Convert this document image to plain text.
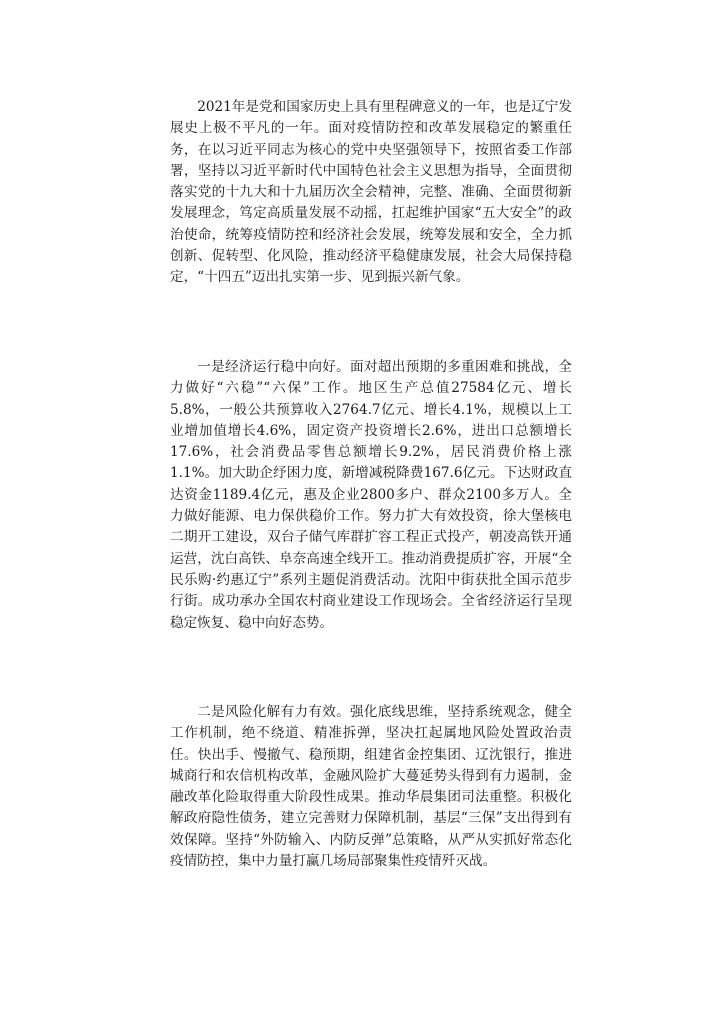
2021年是党和国家历史上具有里程碑意义的一年，也是辽宁发展史上极不平凡的一年。面对疫情防控和改革发展稳定的繁重任务，在以习近平同志为核心的党中央坚强领导下，按照省委工作部署，坚持以习近平新时代中国特色社会主义思想为指导，全面贯彻落实党的十九大和十九届历次全会精神，完整、准确、全面贯彻新发展理念，笃定高质量发展不动摇，扛起维护国家“五大安全”的政治使命，统筹疫情防控和经济社会发展，统筹发展和安全，全力抓创新、促转型、化风险，推动经济平稳健康发展，社会大局保持稳定，“十四五”迈出扎实第一步、见到振兴新气象。

一是经济运行稳中向好。面对超出预期的多重困难和挑战，全力做好“六稳”“六保”工作。地区生产总值27584亿元、增长5.8%，一般公共预算收入2764.7亿元、增长4.1%，规模以上工业增加值增长4.6%，固定资产投资增长2.6%，进出口总额增长17.6%，社会消费品零售总额增长9.2%，居民消费价格上涨1.1%。加大助企纾困力度，新增减税降费167.6亿元。下达财政直达资金1189.4亿元，惠及企业2800多户、群众2100多万人。全力做好能源、电力保供稳价工作。努力扩大有效投资，徐大堡核电二期开工建设，双台子储气库群扩容工程正式投产，朝凌高铁开通运营，沈白高铁、阜奈高速全线开工。推动消费提质扩容，开展“全民乐购·约惠辽宁”系列主题促消费活动。沈阳中街获批全国示范步行街。成功承办全国农村商业建设工作现场会。全省经济运行呈现稳定恢复、稳中向好态势。

二是风险化解有力有效。强化底线思维，坚持系统观念，健全工作机制，绝不绕道、精准拆弹，坚决扛起属地风险处置政治责任。快出手、慢撤气、稳预期，组建省金控集团、辽沈银行，推进城商行和农信机构改革，金融风险扩大蔓延势头得到有力遏制，金融改革化险取得重大阶段性成果。推动华晨集团司法重整。积极化解政府隐性债务，建立完善财力保障机制，基层“三保”支出得到有效保障。坚持“外防输入、内防反弹”总策略，从严从实抓好常态化疫情防控，集中力量打赢几场局部聚集性疫情歼灭战。
